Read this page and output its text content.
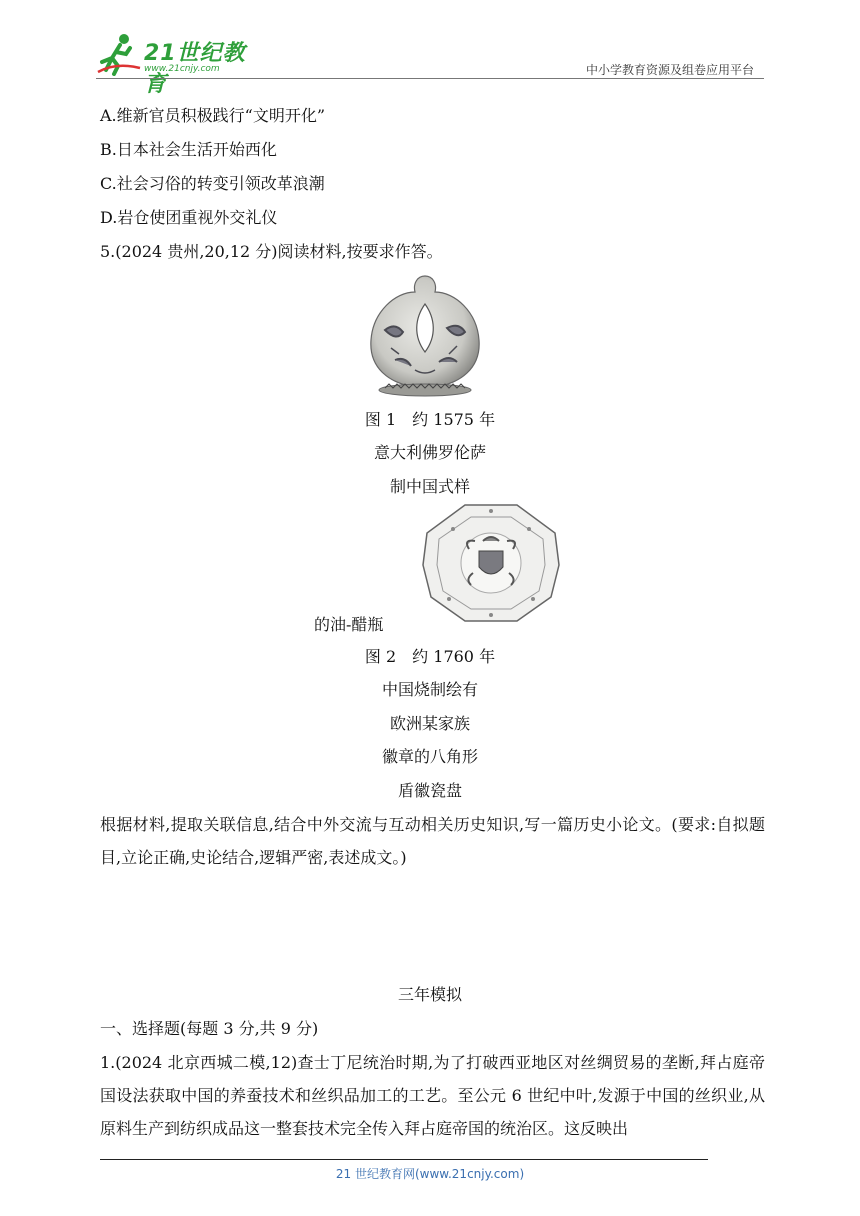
21世纪教育
www.21cnjy.com	中小学教育资源及组卷应用平台
A.维新官员积极践行“文明开化”
B.日本社会生活开始西化
C.社会习俗的转变引领改革浪潮
D.岩仓使团重视外交礼仪
5.(2024 贵州,20,12 分)阅读材料,按要求作答。
图 1　约 1575 年
意大利佛罗伦萨
制中国式样
的油-醋瓶
图 2　约 1760 年
中国烧制绘有
欧洲某家族
徽章的八角形
盾徽瓷盘
根据材料,提取关联信息,结合中外交流与互动相关历史知识,写一篇历史小论文。(要求:自拟题目,立论正确,史论结合,逻辑严密,表述成文。)
三年模拟
一、选择题(每题 3 分,共 9 分)
1.(2024 北京西城二模,12)查士丁尼统治时期,为了打破西亚地区对丝绸贸易的垄断,拜占庭帝国设法获取中国的养蚕技术和丝织品加工的工艺。至公元 6 世纪中叶,发源于中国的丝织业,从原料生产到纺织成品这一整套技术完全传入拜占庭帝国的统治区。这反映出
21 世纪教育网(www.21cnjy.com)
